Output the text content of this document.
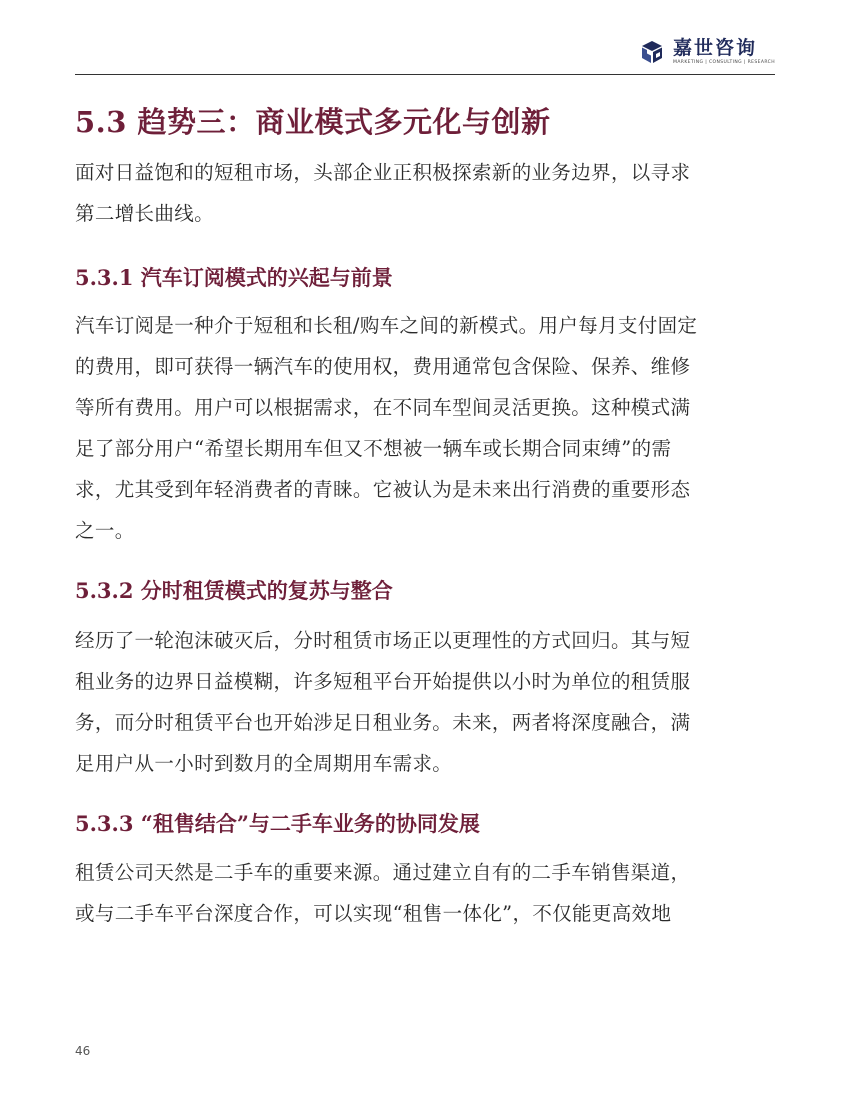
嘉世咨询
MARKETING | CONSULTING | RESEARCH
5.3 趋势三：商业模式多元化与创新
面对日益饱和的短租市场，头部企业正积极探索新的业务边界，以寻求
第二增长曲线。
5.3.1 汽车订阅模式的兴起与前景
汽车订阅是一种介于短租和长租/购车之间的新模式。用户每月支付固定
的费用，即可获得一辆汽车的使用权，费用通常包含保险、保养、维修
等所有费用。用户可以根据需求，在不同车型间灵活更换。这种模式满
足了部分用户“希望长期用车但又不想被一辆车或长期合同束缚”的需
求，尤其受到年轻消费者的青睐。它被认为是未来出行消费的重要形态
之一。
5.3.2 分时租赁模式的复苏与整合
经历了一轮泡沫破灭后，分时租赁市场正以更理性的方式回归。其与短
租业务的边界日益模糊，许多短租平台开始提供以小时为单位的租赁服
务，而分时租赁平台也开始涉足日租业务。未来，两者将深度融合，满
足用户从一小时到数月的全周期用车需求。
5.3.3 “租售结合”与二手车业务的协同发展
租赁公司天然是二手车的重要来源。通过建立自有的二手车销售渠道，
或与二手车平台深度合作，可以实现“租售一体化”，不仅能更高效地
46
